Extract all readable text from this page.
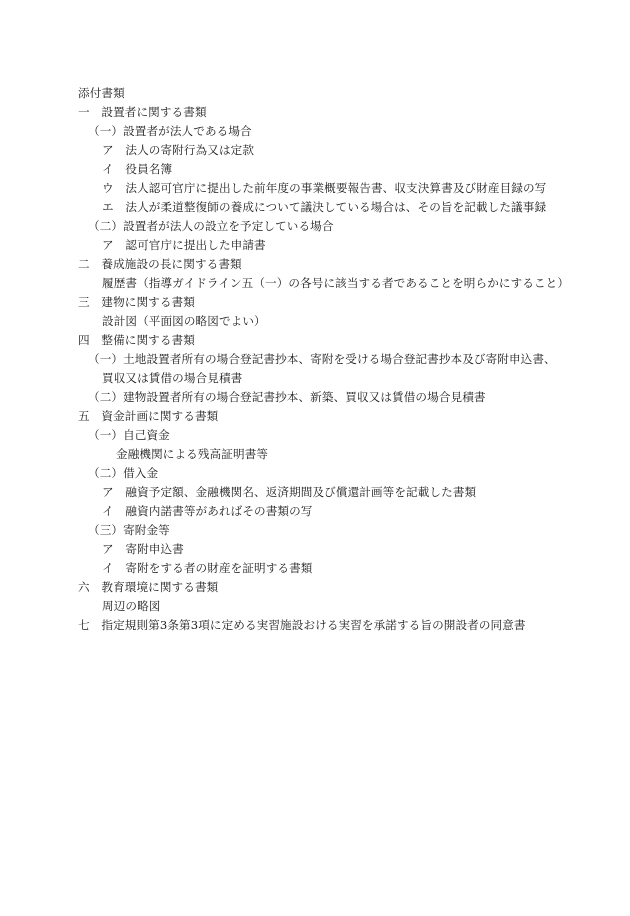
添付書類
一　設置者に関する書類
（一）設置者が法人である場合
ア　法人の寄附行為又は定款
イ　役員名簿
ウ　法人認可官庁に提出した前年度の事業概要報告書、収支決算書及び財産目録の写
エ　法人が柔道整復師の養成について議決している場合は、その旨を記載した議事録
（二）設置者が法人の設立を予定している場合
ア　認可官庁に提出した申請書
二　養成施設の長に関する書類
履歴書（指導ガイドライン五（一）の各号に該当する者であることを明らかにすること）
三　建物に関する書類
設計図（平面図の略図でよい）
四　整備に関する書類
（一）土地設置者所有の場合登記書抄本、寄附を受ける場合登記書抄本及び寄附申込書、
買収又は賃借の場合見積書
（二）建物設置者所有の場合登記書抄本、新築、買収又は賃借の場合見積書
五　資金計画に関する書類
（一）自己資金
金融機関による残高証明書等
（二）借入金
ア　融資予定額、金融機関名、返済期間及び償還計画等を記載した書類
イ　融資内諾書等があればその書類の写
（三）寄附金等
ア　寄附申込書
イ　寄附をする者の財産を証明する書類
六　教育環境に関する書類
周辺の略図
七　指定規則第3条第3項に定める実習施設おける実習を承諾する旨の開設者の同意書
